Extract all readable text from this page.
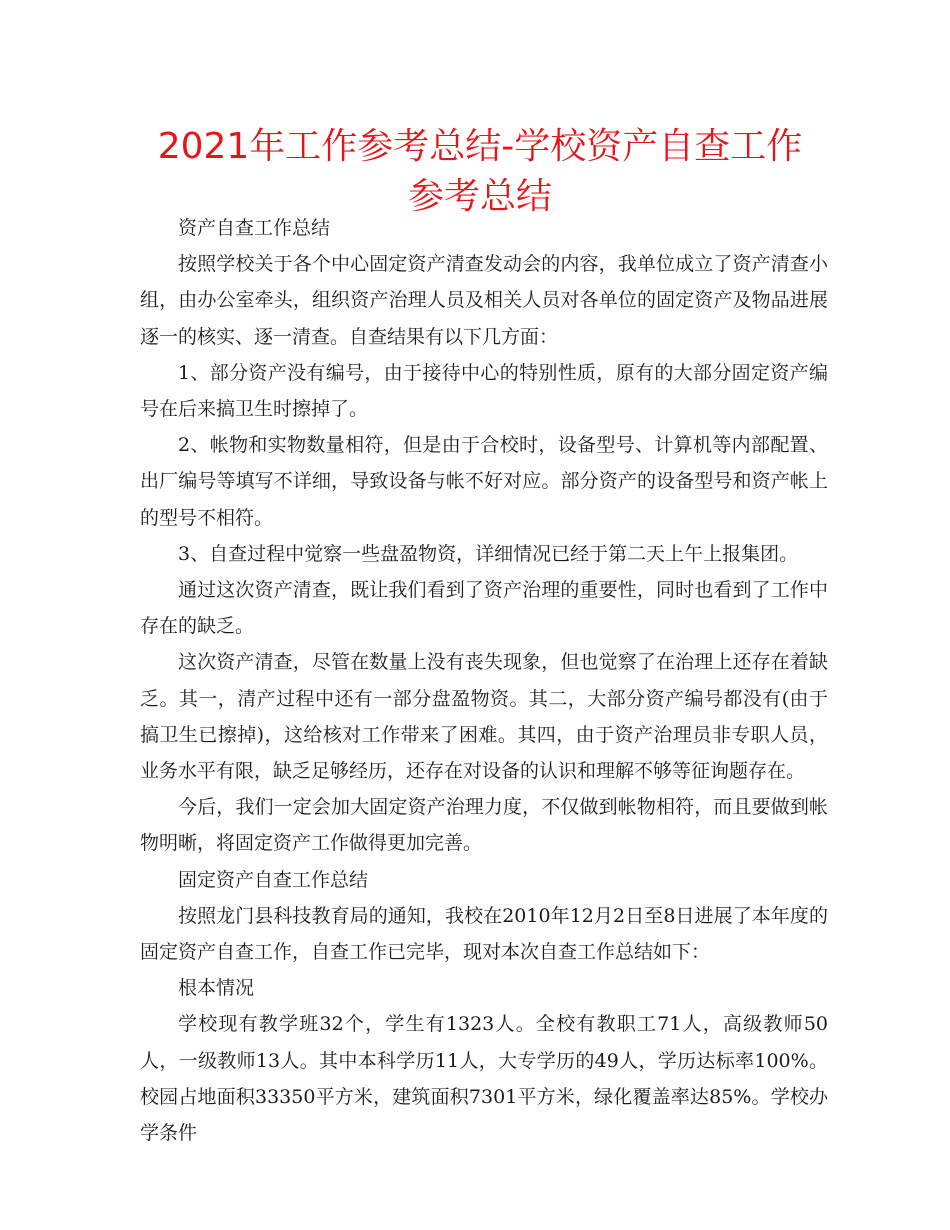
2021年工作参考总结-学校资产自查工作参考总结

资产自查工作总结

按照学校关于各个中心固定资产清查发动会的内容，我单位成立了资产清查小组，由办公室牵头，组织资产治理人员及相关人员对各单位的固定资产及物品进展逐一的核实、逐一清查。自查结果有以下几方面：

1、部分资产没有编号，由于接待中心的特别性质，原有的大部分固定资产编号在后来搞卫生时擦掉了。

2、帐物和实物数量相符，但是由于合校时，设备型号、计算机等内部配置、出厂编号等填写不详细，导致设备与帐不好对应。部分资产的设备型号和资产帐上的型号不相符。

3、自查过程中觉察一些盘盈物资，详细情况已经于第二天上午上报集团。

通过这次资产清查，既让我们看到了资产治理的重要性，同时也看到了工作中存在的缺乏。

这次资产清查，尽管在数量上没有丧失现象，但也觉察了在治理上还存在着缺乏。其一，清产过程中还有一部分盘盈物资。其二，大部分资产编号都没有(由于搞卫生已擦掉)，这给核对工作带来了困难。其四，由于资产治理员非专职人员，业务水平有限，缺乏足够经历，还存在对设备的认识和理解不够等征询题存在。

今后，我们一定会加大固定资产治理力度，不仅做到帐物相符，而且要做到帐物明晰，将固定资产工作做得更加完善。

固定资产自查工作总结

按照龙门县科技教育局的通知，我校在2010年12月2日至8日进展了本年度的固定资产自查工作，自查工作已完毕，现对本次自查工作总结如下：

根本情况

学校现有教学班32个，学生有1323人。全校有教职工71人，高级教师50人，一级教师13人。其中本科学历11人，大专学历的49人，学历达标率100%。校园占地面积33350平方米，建筑面积7301平方米，绿化覆盖率达85%。学校办学条件
